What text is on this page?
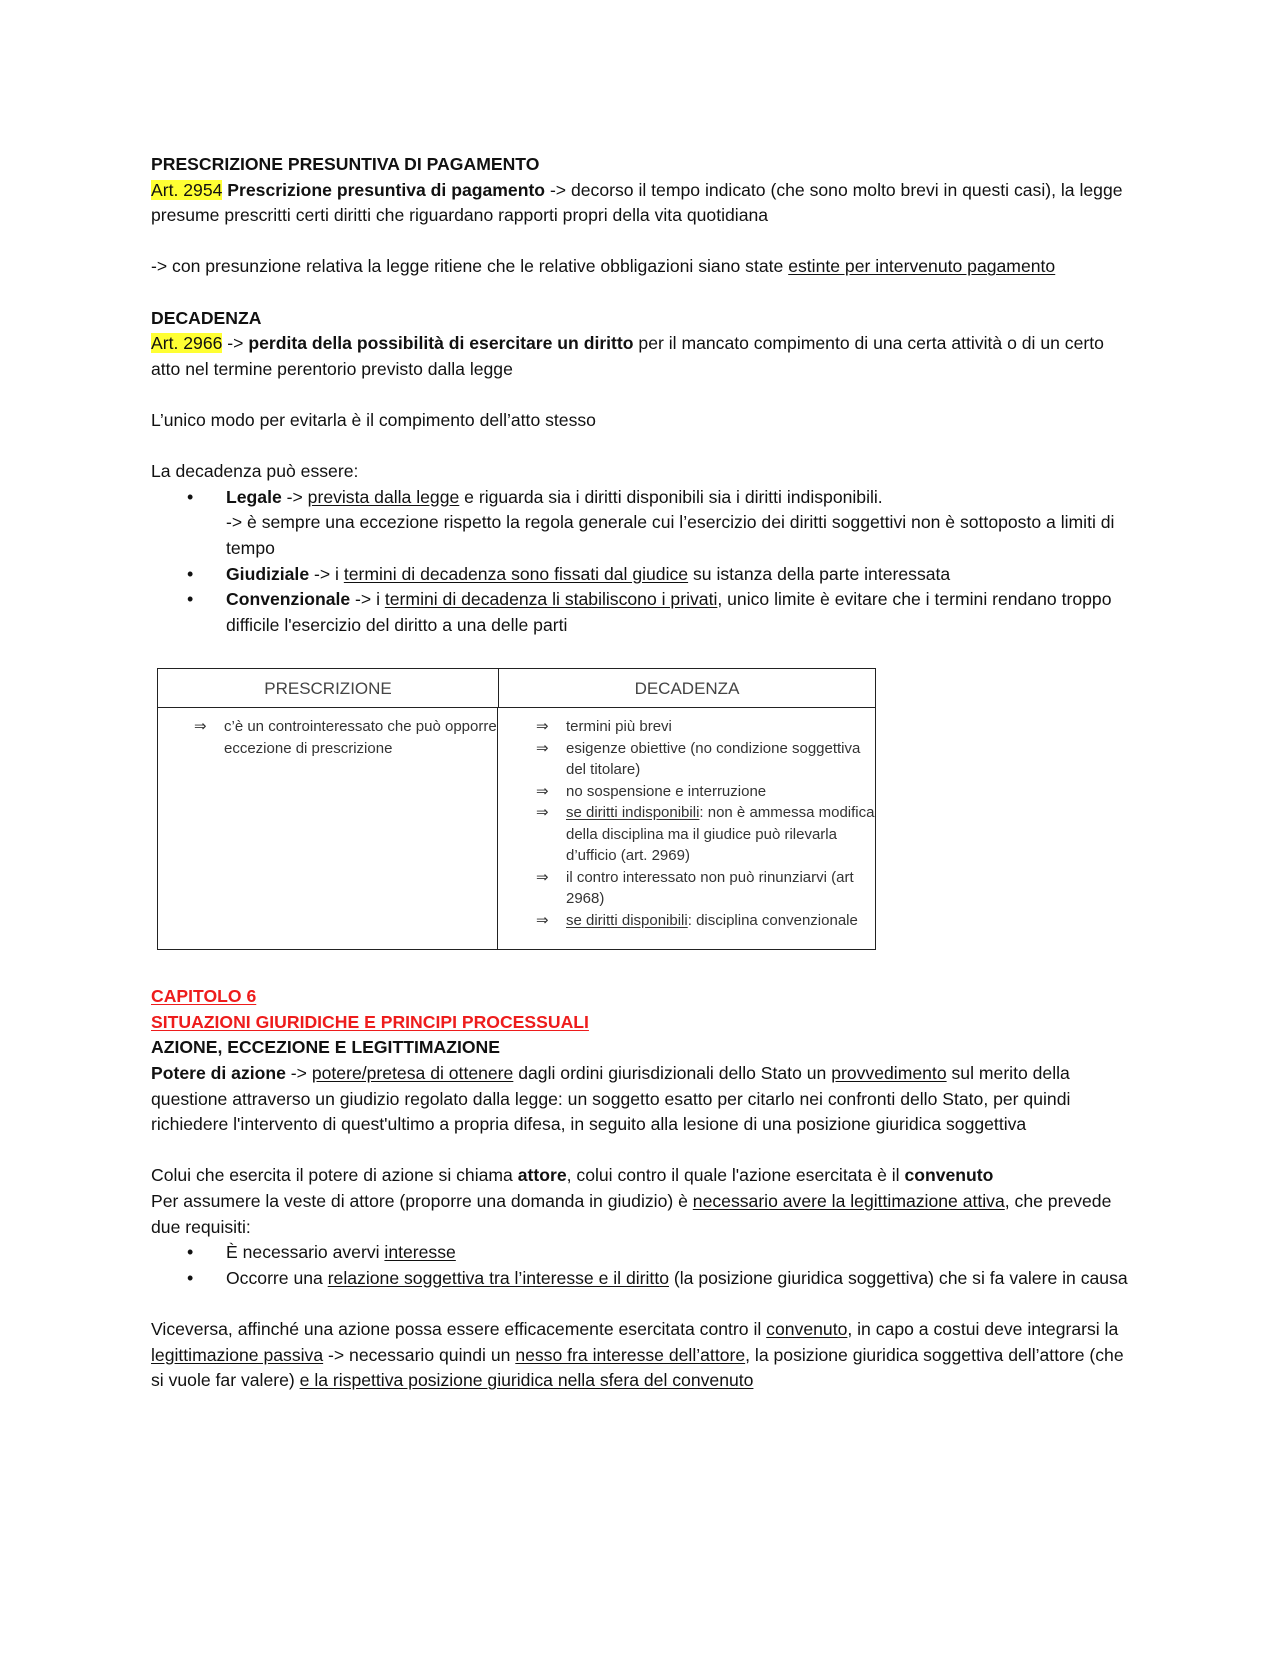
PRESCRIZIONE PRESUNTIVA DI PAGAMENTO

Art. 2954 Prescrizione presuntiva di pagamento -> decorso il tempo indicato (che sono molto brevi in questi casi), la legge presume prescritti certi diritti che riguardano rapporti propri della vita quotidiana

-> con presunzione relativa la legge ritiene che le relative obbligazioni siano state estinte per intervenuto pagamento

DECADENZA

Art. 2966 -> perdita della possibilità di esercitare un diritto per il mancato compimento di una certa attività o di un certo atto nel termine perentorio previsto dalla legge

L’unico modo per evitarla è il compimento dell’atto stesso

La decadenza può essere:

• Legale -> prevista dalla legge e riguarda sia i diritti disponibili sia i diritti indisponibili.
-> è sempre una eccezione rispetto la regola generale cui l’esercizio dei diritti soggettivi non è sottoposto a limiti di tempo
• Giudiziale -> i termini di decadenza sono fissati dal giudice su istanza della parte interessata
• Convenzionale -> i termini di decadenza li stabiliscono i privati, unico limite è evitare che i termini rendano troppo difficile l'esercizio del diritto a una delle parti
PRESCRIZIONE	DECADENZA
⇒ c’è un controinteressato che può opporre eccezione di prescrizione
⇒ termini più brevi
⇒ esigenze obiettive (no condizione soggettiva del titolare)
⇒ no sospensione e interruzione
⇒ se diritti indisponibili: non è ammessa modifica della disciplina ma il giudice può rilevarla d’ufficio (art. 2969)
⇒ il contro interessato non può rinunziarvi (art 2968)
⇒ se diritti disponibili: disciplina convenzionale

CAPITOLO 6

SITUAZIONI GIURIDICHE E PRINCIPI PROCESSUALI

AZIONE, ECCEZIONE E LEGITTIMAZIONE

Potere di azione -> potere/pretesa di ottenere dagli ordini giurisdizionali dello Stato un provvedimento sul merito della questione attraverso un giudizio regolato dalla legge: un soggetto esatto per citarlo nei confronti dello Stato, per quindi richiedere l'intervento di quest'ultimo a propria difesa, in seguito alla lesione di una posizione giuridica soggettiva

Colui che esercita il potere di azione si chiama attore, colui contro il quale l'azione esercitata è il convenuto

Per assumere la veste di attore (proporre una domanda in giudizio) è necessario avere la legittimazione attiva, che prevede due requisiti:

• È necessario avervi interesse
• Occorre una relazione soggettiva tra l’interesse e il diritto (la posizione giuridica soggettiva) che si fa valere in causa

Viceversa, affinché una azione possa essere efficacemente esercitata contro il convenuto, in capo a costui deve integrarsi la legittimazione passiva -> necessario quindi un nesso fra interesse dell’attore, la posizione giuridica soggettiva dell’attore (che si vuole far valere) e la rispettiva posizione giuridica nella sfera del convenuto
